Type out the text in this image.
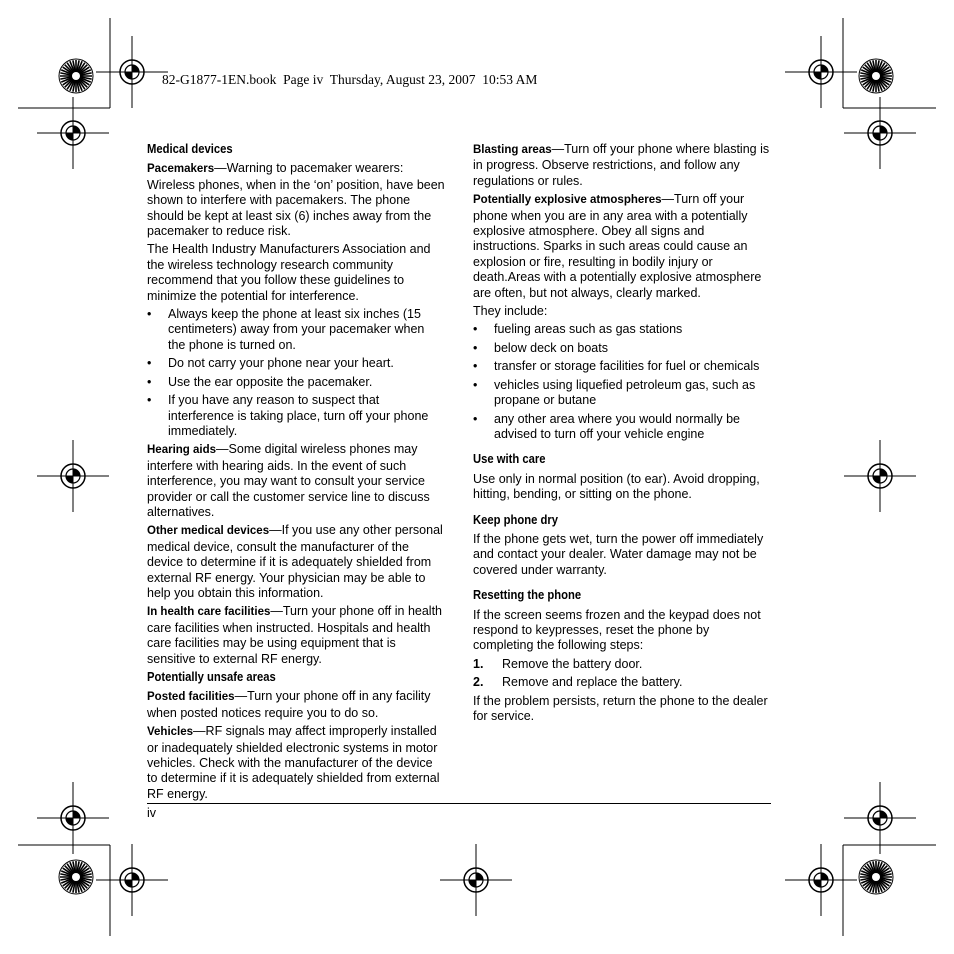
82-G1877-1EN.book  Page iv  Thursday, August 23, 2007  10:53 AM
Medical devices

Pacemakers—Warning to pacemaker wearers: Wireless phones, when in the ‘on’ position, have been shown to interfere with pacemakers. The phone should be kept at least six (6) inches away from the pacemaker to reduce risk.

The Health Industry Manufacturers Association and the wireless technology research community recommend that you follow these guidelines to minimize the potential for interference.

• Always keep the phone at least six inches (15 centimeters) away from your pacemaker when the phone is turned on.
• Do not carry your phone near your heart.
• Use the ear opposite the pacemaker.
• If you have any reason to suspect that interference is taking place, turn off your phone immediately.

Hearing aids—Some digital wireless phones may interfere with hearing aids. In the event of such interference, you may want to consult your service provider or call the customer service line to discuss alternatives.

Other medical devices—If you use any other personal medical device, consult the manufacturer of the device to determine if it is adequately shielded from external RF energy. Your physician may be able to help you obtain this information.

In health care facilities—Turn your phone off in health care facilities when instructed. Hospitals and health care facilities may be using equipment that is sensitive to external RF energy.

Potentially unsafe areas

Posted facilities—Turn your phone off in any facility when posted notices require you to do so.

Vehicles—RF signals may affect improperly installed or inadequately shielded electronic systems in motor vehicles. Check with the manufacturer of the device to determine if it is adequately shielded from external RF energy.

Blasting areas—Turn off your phone where blasting is in progress. Observe restrictions, and follow any regulations or rules.

Potentially explosive atmospheres—Turn off your phone when you are in any area with a potentially explosive atmosphere. Obey all signs and instructions. Sparks in such areas could cause an explosion or fire, resulting in bodily injury or death.Areas with a potentially explosive atmosphere are often, but not always, clearly marked.

They include:

• fueling areas such as gas stations
• below deck on boats
• transfer or storage facilities for fuel or chemicals
• vehicles using liquefied petroleum gas, such as propane or butane
• any other area where you would normally be advised to turn off your vehicle engine
Use with care

Use only in normal position (to ear). Avoid dropping, hitting, bending, or sitting on the phone.

Keep phone dry

If the phone gets wet, turn the power off immediately and contact your dealer. Water damage may not be covered under warranty.

Resetting the phone

If the screen seems frozen and the keypad does not respond to keypresses, reset the phone by completing the following steps:

1. Remove the battery door.
2. Remove and replace the battery.

If the problem persists, return the phone to the dealer for service.

iv
